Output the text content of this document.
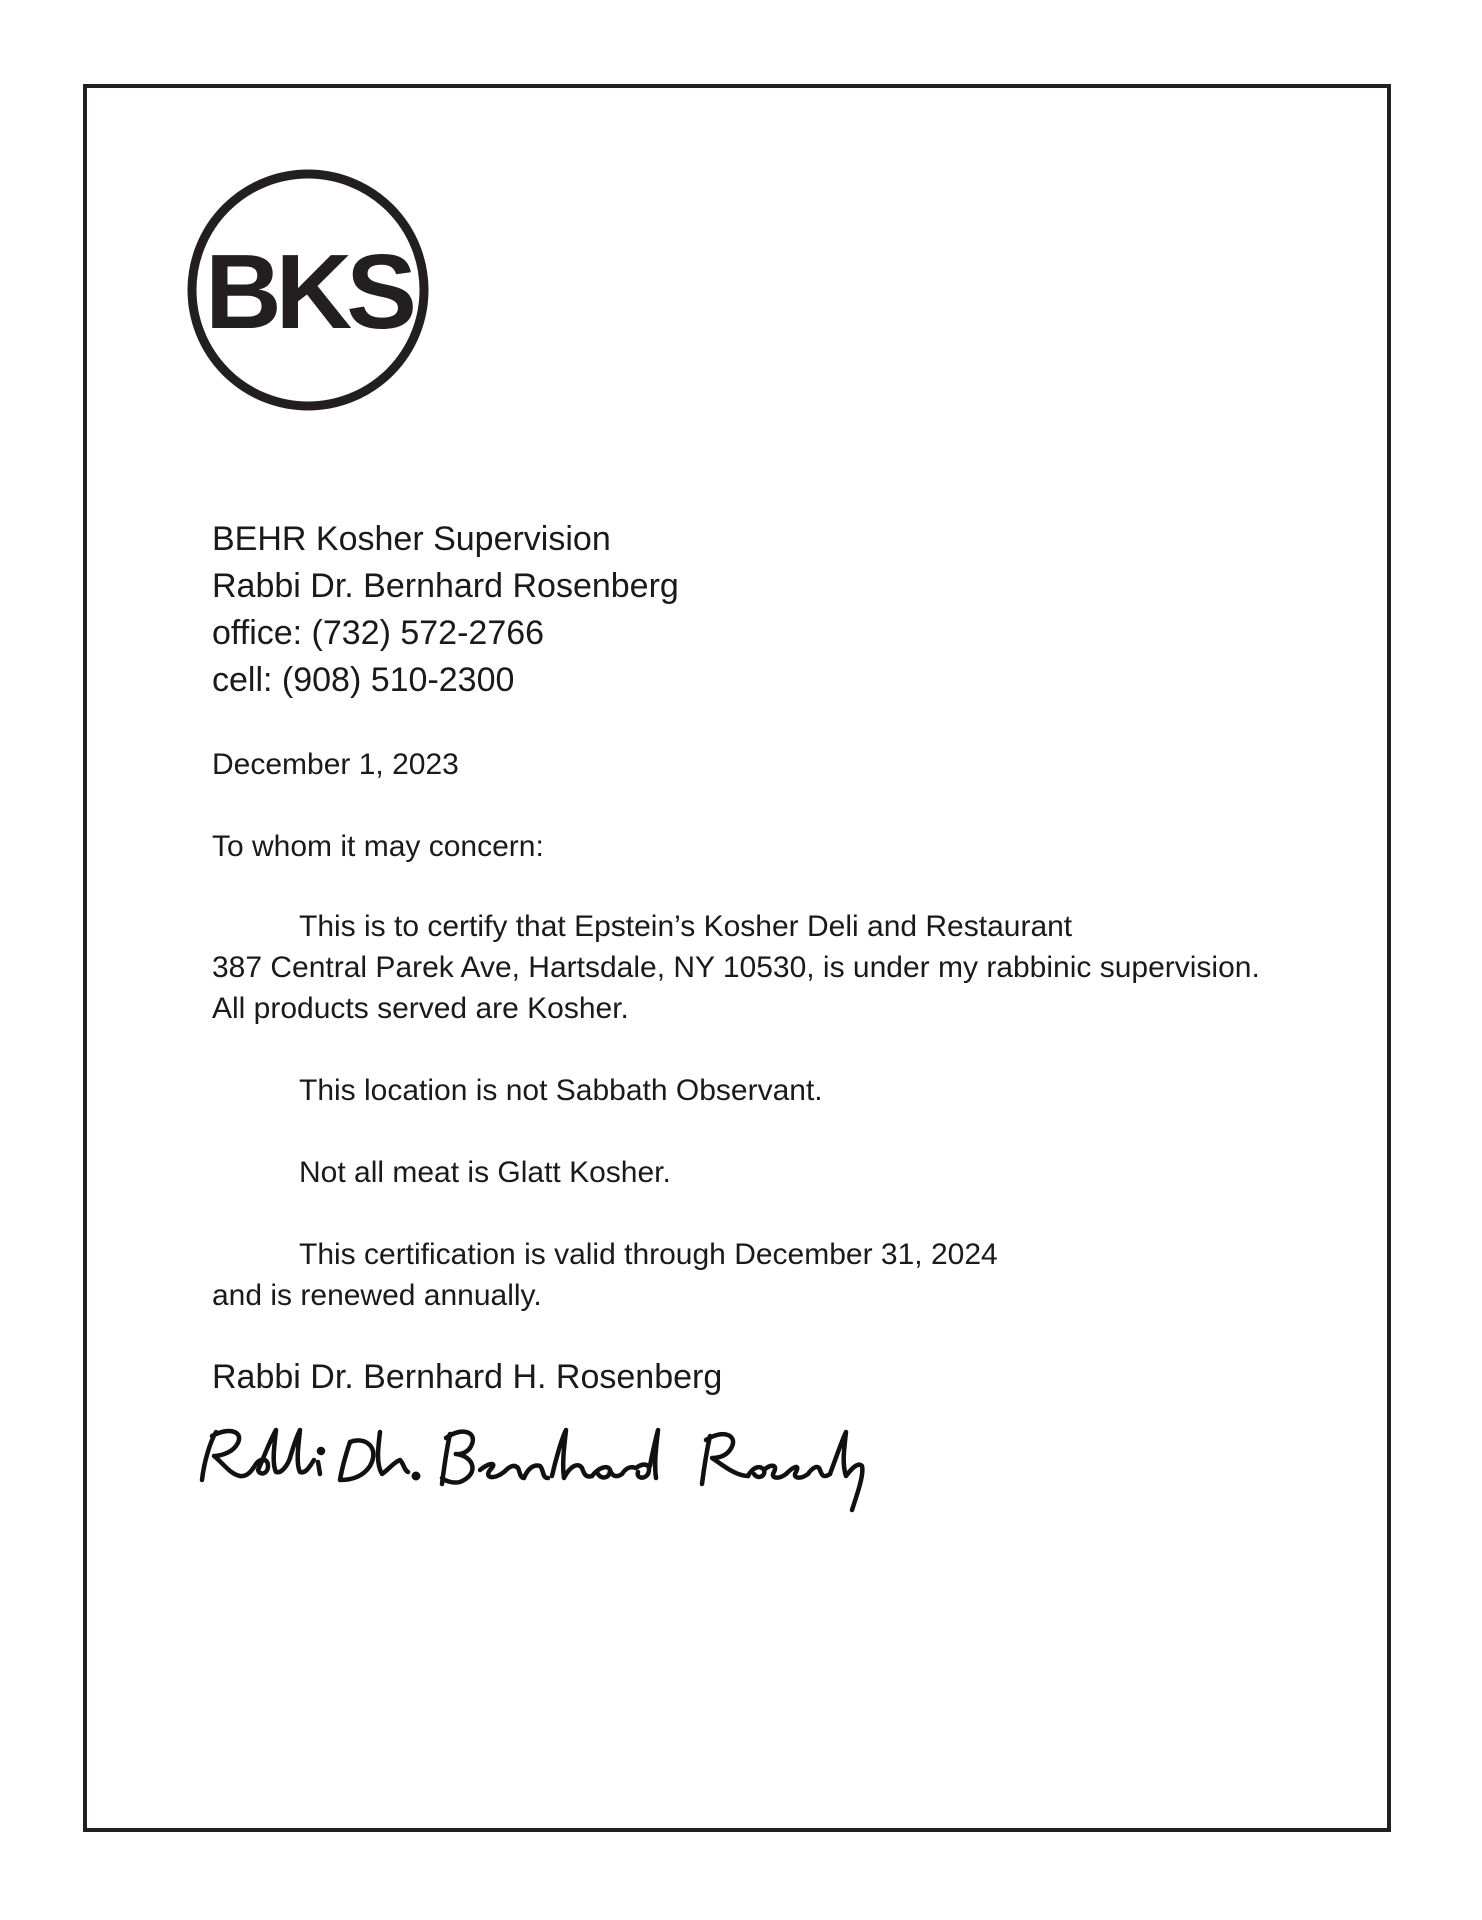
BKS
BEHR Kosher Supervision
Rabbi Dr. Bernhard Rosenberg
office: (732) 572-2766
cell: (908) 510-2300
December 1, 2023
To whom it may concern:
This is to certify that Epstein’s Kosher Deli and Restaurant
387 Central Parek Ave, Hartsdale, NY 10530, is under my rabbinic supervision.
All products served are Kosher.
This location is not Sabbath Observant.
Not all meat is Glatt Kosher.
This certification is valid through December 31, 2024
and is renewed annually.
Rabbi Dr. Bernhard H. Rosenberg
